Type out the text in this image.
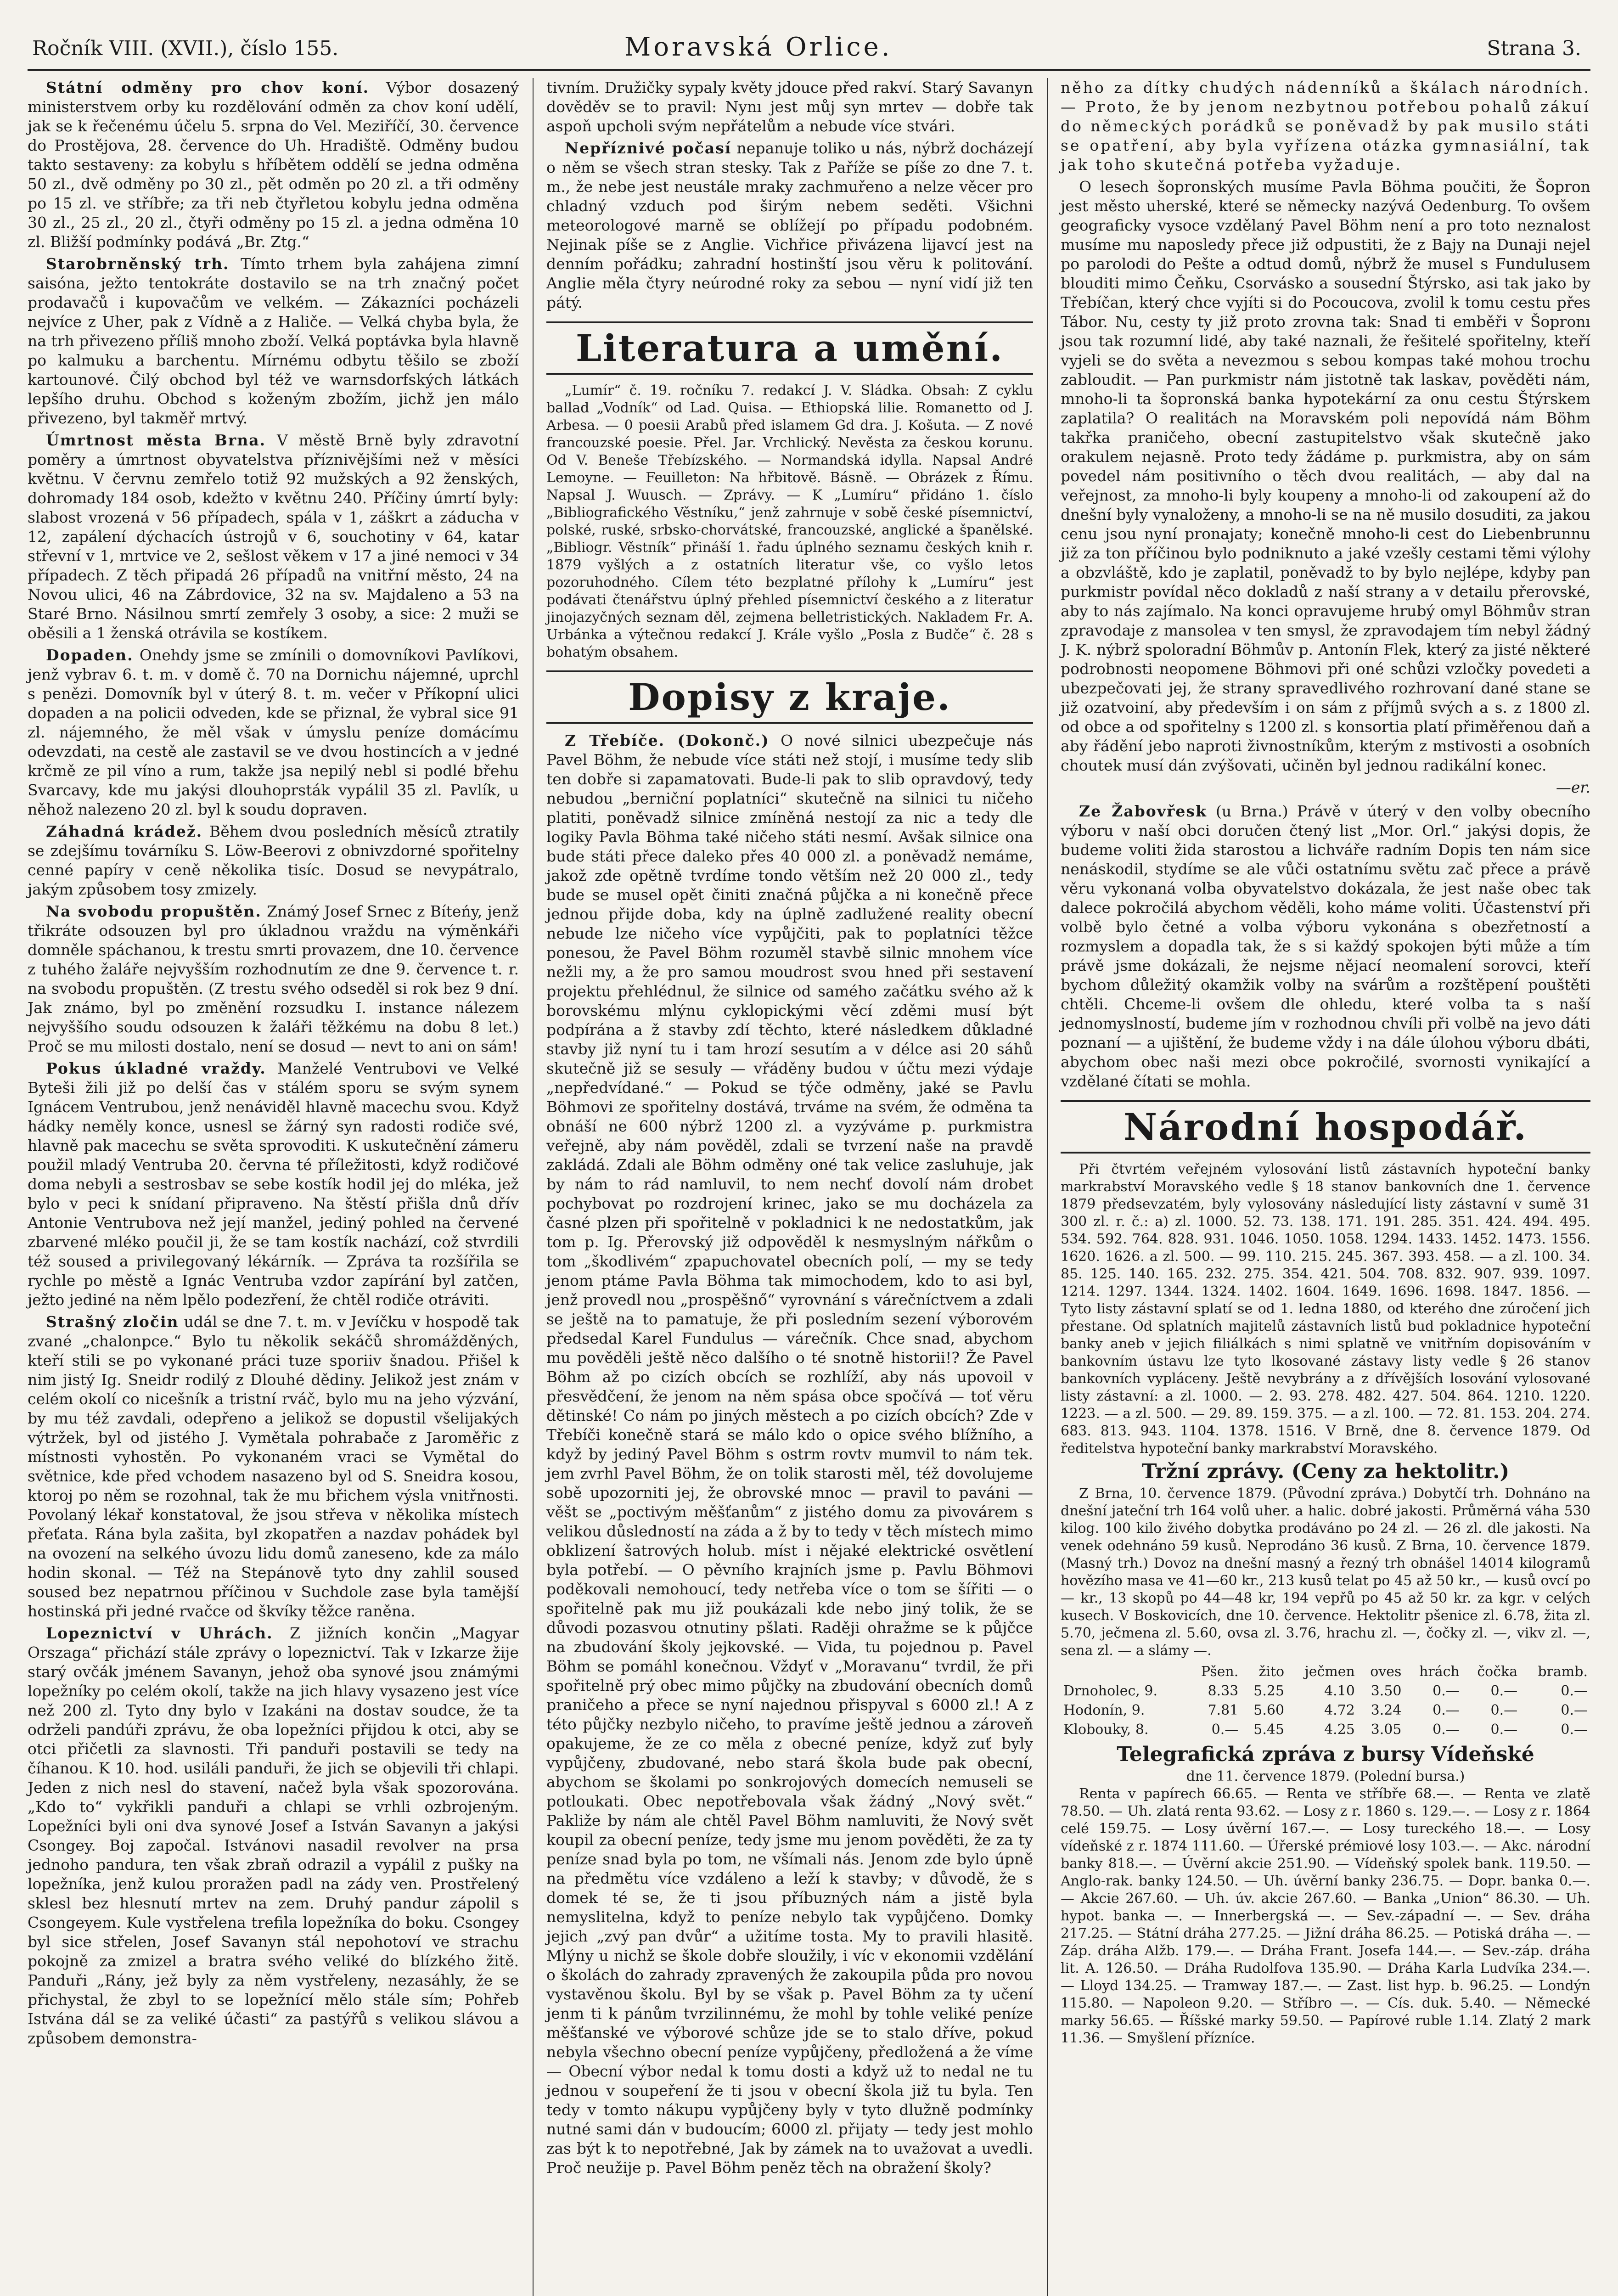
Ročník VIII. (XVII.), číslo 155.	Moravská Orlice.	Strana 3.

Státní odměny pro chov koní. Výbor dosazený ministerstvem orby ku rozdělování odměn za chov koní udělí, jak se k řečenému účelu 5. srpna do Vel. Meziříčí, 30. července do Prostějova, 28. července do Uh. Hradiště. Odměny budou takto sestaveny: za kobylu s hříbětem oddělí se jedna odměna 50 zl., dvě odměny po 30 zl., pět odměn po 20 zl. a tři odměny po 15 zl. ve stříbře; za tři neb čtyřletou kobylu jedna odměna 30 zl., 25 zl., 20 zl., čtyři odměny po 15 zl. a jedna odměna 10 zl. Bližší podmínky podává „Br. Ztg.“

Starobrněnský trh. Tímto trhem byla zahájena zimní saisóna, ježto tentokráte dostavilo se na trh značný počet prodavačů i kupovačům ve velkém. — Zákazníci pocházeli nejvíce z Uher, pak z Vídně a z Haliče. — Velká chyba byla, že na trh přivezeno příliš mnoho zboží. Velká poptávka byla hlavně po kalmuku a barchentu. Mírnému odbytu těšilo se zboží kartounové. Čilý obchod byl též ve warnsdorfských látkách lepšího druhu. Obchod s koženým zbožím, jichž jen málo přivezeno, byl takměř mrtvý.

Úmrtnost města Brna. V městě Brně byly zdravotní poměry a úmrtnost obyvatelstva příznivějšími než v měsíci květnu. V červnu zemřelo totiž 92 mužských a 92 ženských, dohromady 184 osob, kdežto v květnu 240. Příčiny úmrtí byly: slabost vrozená v 56 případech, spála v 1, záškrt a záducha v 12, zapálení dýchacích ústrojů v 6, souchotiny v 64, katar střevní v 1, mrtvice ve 2, sešlost věkem v 17 a jiné nemoci v 34 případech. Z těch připadá 26 případů na vnitřní město, 24 na Novou ulici, 46 na Zábrdovice, 32 na sv. Majdaleno a 53 na Staré Brno. Násilnou smrtí zemřely 3 osoby, a sice: 2 muži se oběsili a 1 ženská otrávila se kostíkem.

Dopaden. Onehdy jsme se zmínili o domovníkovi Pavlíkovi, jenž vybrav 6. t. m. v domě č. 70 na Dornichu nájemné, uprchl s penězi. Domovník byl v úterý 8. t. m. večer v Příkopní ulici dopaden a na policii odveden, kde se přiznal, že vybral sice 91 zl. nájemného, že měl však v úmyslu peníze domácímu odevzdati, na cestě ale zastavil se ve dvou hostincích a v jedné krčmě ze pil víno a rum, takže jsa nepilý nebl si podlé břehu Svarcavy, kde mu jakýsi dlouhoprsták vypálil 35 zl. Pavlík, u něhož nalezeno 20 zl. byl k soudu dopraven.

Záhadná krádež. Během dvou posledních měsíců ztratily se zdejšímu továrníku S. Löw-Beerovi z obnivzdorné spořitelny cenné papíry v ceně několika tisíc. Dosud se nevypátralo, jakým způsobem tosy zmizely.

Na svobodu propuštěn. Známý Josef Srnec z Bíteńy, jenž třikráte odsouzen byl pro úkladnou vraždu na výměnkáři domněle spáchanou, k trestu smrti provazem, dne 10. července z tuhého žaláře nejvyšším rozhodnutím ze dne 9. července t. r. na svobodu propuštěn. (Z trestu svého odseděl si rok bez 9 dní. Jak známo, byl po změnění rozsudku I. instance nálezem nejvyššího soudu odsouzen k žaláři těžkému na dobu 8 let.) Proč se mu milosti dostalo, není se dosud — nevt to ani on sám!

Pokus úkladné vraždy. Manželé Ventrubovi ve Velké Byteši žili již po delší čas v stálém sporu se svým synem Ignácem Ventrubou, jenž nenáviděl hlavně macechu svou. Když hádky neměly konce, usnesl se žárný syn radosti rodiče své, hlavně pak macechu se světa sprovoditi. K uskutečnění zámeru použil mladý Ventruba 20. června té příležitosti, když rodičové doma nebyli a sestrosbav se sebe kostík hodil jej do mléka, jež bylo v peci k snídaní připraveno. Na štěstí přišla dnů dřív Antonie Ventrubova než její manžel, jediný pohled na červené zbarvené mléko poučil ji, že se tam kostík nachází, což stvrdili též soused a privilegovaný lékárník. — Zpráva ta rozšířila se rychle po městě a Ignác Ventruba vzdor zapírání byl zatčen, ježto jediné na něm lpělo podezření, že chtěl rodiče otráviti.

Strašný zločin udál se dne 7. t. m. v Jevíčku v hospodě tak zvané „chalonpce.“ Bylo tu několik sekáčů shromážděných, kteří stili se po vykonané práci tuze sporiiv šnadou. Přišel k nim jistý Ig. Sneidr rodilý z Dlouhé dědiny. Jelikož jest znám v celém okolí co nicešník a tristní rváč, bylo mu na jeho výzvání, by mu též zavdali, odepřeno a jelikož se dopustil všelijakých výtržek, byl od jistého J. Vymětala pohrabače z Jaroměřic z místnosti vyhostěn. Po vykonaném vraci se Vymětal do světnice, kde před vchodem nasazeno byl od S. Sneidra kosou, ktoroj po něm se rozohnal, tak že mu břichem výsla vnitřnosti. Povolaný lékař konstatoval, že jsou střeva v několika místech přeťata. Rána byla zašita, byl zkopatřen a nazdav pohádek byl na ovození na selkého úvozu lidu domů zaneseno, kde za málo hodin skonal. — Též na Stepánově tyto dny zahlil soused soused bez nepatrnou příčinou v Suchdole zase byla tamější hostinská při jedné rvačce od škvíky těžce raněna.

Lopeznictví v Uhrách. Z jižních končin „Magyar Orszaga“ přichází stále zprávy o lopeznictví. Tak v Izkarze žije starý ovčák jménem Savanyn, jehož oba synové jsou známými lopežníky po celém okolí, takže na jich hlavy vysazeno jest více než 200 zl. Tyto dny bylo v Izakáni na dostav soudce, že ta održeli pandúři zprávu, že oba lopežníci přijdou k otci, aby se otci přičetli za slavnosti. Tři panduři postavili se tedy na číhanou. K 10. hod. usiláli panduři, že jich se objevili tři chlapi. Jeden z nich nesl do stavení, načež byla však spozorována. „Kdo to“ vykřikli panduři a chlapi se vrhli ozbrojeným. Lopežníci byli oni dva synové Josef a István Savanyn a jakýsi Csongey. Boj započal. Istvánovi nasadil revolver na prsa jednoho pandura, ten však zbraň odrazil a vypálil z pušky na lopežníka, jenž kulou proražen padl na zády ven. Prostřelený sklesl bez hlesnutí mrtev na zem. Druhý pandur zápolil s Csongeyem. Kule vystřelena trefila lopežníka do boku. Csongey byl sice střelen, Josef Savanyn stál nepohotoví ve strachu pokojně za zmizel a bratra svého veliké do blízkého žitě. Panduři „Rány, jež byly za něm vystřeleny, nezasáhly, že se přichystal, že zbyl to se lopežnící mělo stále sím; Pohřeb Istvána dál se za veliké účasti“ za pastýřů s velikou slávou a způsobem demonstra-

tivním. Družičky sypaly květy jdouce před rakví. Starý Savanyn dověděv se to pravil: Nynı jest můj syn mrtev — dobře tak aspoň upcholi svým nepřátelům a nebude více stvári.

Nepříznivé počasí nepanuje toliko u nás, nýbrž docházejí o něm se všech stran stesky. Tak z Paříže se píše zo dne 7. t. m., že nebe jest neustále mraky zachmuřeno a nelze věcer pro chladný vzduch pod širým nebem seděti. Všichni meteorologové marně se oblížejí po případu podobném. Nejinak píše se z Anglie. Vichřice přivázena lijavcí jest na denním pořádku; zahradní hostinští jsou věru k politování. Anglie měla čtyry neúrodné roky za sebou — nyní vidí již ten pátý.

Literatura a umění.

„Lumír“ č. 19. ročníku 7. redakcí J. V. Sládka. Obsah: Z cyklu ballad „Vodník“ od Lad. Quisa. — Ethiopská lilie. Romanetto od J. Arbesa. — 0 poesii Arabů před islamem Gd dra. J. Košuta. — Z nové francouzské poesie. Přel. Jar. Vrchlický. Nevěsta za českou korunu. Od V. Beneše Třebízského. — Normandská idylla. Napsal André Lemoyne. — Feuilleton: Na hřbitově. Básně. — Obrázek z Římu. Napsal J. Wuusch. — Zprávy. — K „Lumíru“ přidáno 1. číslo „Bibliografického Věstníku,“ jenž zahrnuje v sobě české písemnictví, polské, ruské, srbsko-chorvátské, francouzské, anglické a španělské. „Bibliogr. Věstník“ přináší 1. řadu úplného seznamu českých knih r. 1879 vyšlých a z ostatních literatur vše, co vyšlo letos pozoruhodného. Cílem této bezplatné přílohy k „Lumíru“ jest podávati čtenářstvu úplný přehled písemnictví českého a z literatur jinojazyčných seznam děl, zejmena belletristických. Nakladem Fr. A. Urbánka a výtečnou redakcí J. Krále vyšlo „Posla z Budče“ č. 28 s bohatým obsahem.

Dopisy z kraje.

Z Třebíče. (Dokonč.) O nové silnici ubezpečuje nás Pavel Böhm, že nebude více státi než stojí, i musíme tedy slib ten dobře si zapamatovati. Bude-li pak to slib opravdový, tedy nebudou „berniční poplatníci“ skutečně na silnici tu ničeho platiti, poněvadž silnice zmíněná nestojí za nic a tedy dle logiky Pavla Böhma také ničeho státi nesmí. Avšak silnice ona bude státi přece daleko přes 40 000 zl. a poněvadž nemáme, jakož zde opětně tvrdíme tondo větším než 20 000 zl., tedy bude se musel opět činiti značná půjčka a ni konečně přece jednou přijde doba, kdy na úplně zadlužené reality obecní nebude lze ničeho více vypůjčiti, pak to poplatníci těžce ponesou, že Pavel Böhm rozuměl stavbě silnic mnohem více nežli my, a že pro samou moudrost svou hned při sestavení projektu přehlédnul, že silnice od samého začátku svého až k borovskému mlýnu cyklopickými věcí zděmi musí být podpírána a ž stavby zdí těchto, které následkem důkladné stavby již nyní tu i tam hrozí sesutím a v délce asi 20 sáhů skutečně již se sesuly — vřáděny budou v účtu mezi výdaje „nepředvídané.“ — Pokud se týče odměny, jaké se Pavlu Böhmovi ze spořitelny dostává, trváme na svém, že odměna ta obnáší ne 600 nýbrž 1200 zl. a vyzýváme p. purkmistra veřejně, aby nám pověděl, zdali se tvrzení naše na pravdě zakládá. Zdali ale Böhm odměny oné tak velice zasluhuje, jak by nám to rád namluvil, to nem nechť dovolí nám drobet pochybovat po rozdrojení krinec, jako se mu docházela za časné plzen při spořitelně v pokladnici k ne nedostatkům, jak tom p. Ig. Přerovský již odpověděl k nesmyslným nářkům o tom „škodlivém“ zpapuchovatel obecních polí, — my se tedy jenom ptáme Pavla Böhma tak mimochodem, kdo to asi byl, jenž provedl nou „prospěšnő“ vyrovnání s várečníctvem a zdali se ještě na to pamatuje, že při posledním sezení výborovém předsedal Karel Fundulus — várečník. Chce snad, abychom mu pověděli ještě něco dalšího o té snotně historii!? Že Pavel Böhm až po cizích obcích se rozhlíží, aby nás upovoil v přesvědčení, že jenom na něm spása obce spočívá — toť věru dětinské! Co nám po jiných městech a po cizích obcích? Zde v Třebíči konečně stará se málo kdo o opice svého blížního, a když by jediný Pavel Böhm s ostrm rovtv mumvil to nám tek. jem zvrhl Pavel Böhm, že on tolik starosti měl, též dovolujeme sobě upozorniti jej, že obrovské mnoc — pravil to paváni — věšt se „poctivým měšťanům“ z jistého domu za pivovárem s velikou důsledností na záda a ž by to tedy v těch místech mimo obklizení šatrových holub. míst i nějaké elektrické osvětlení byla potřebí. — O pěvního krajních jsme p. Pavlu Böhmovi poděkovali nemohoucí, tedy netřeba více o tom se šířiti — o spořitelně pak mu již poukázali kde nebo jiný tolik, že se důvodi pozasvou otnutiny pšlati. Raději ohražme se k půjčce na zbudování školy jejkovské. — Vida, tu pojednou p. Pavel Böhm se pomáhl konečnou. Vždyť v „Moravanu“ tvrdil, že při spořitelně prý obec mimo půjčky na zbudování obecních domů praničeho a přece se nyní najednou přispyval s 6000 zl.! A z této půjčky nezbylo ničeho, to pravíme ještě jednou a zároveň opakujeme, že ze co měla z obecné peníze, když zuť byly vypůjčeny, zbudované, nebo stará škola bude pak obecní, abychom se školami po sonkrojových domecích nemuseli se potloukati. Obec nepotřebovala však žádný „Nový svět.“ Pakliže by nám ale chtěl Pavel Böhm namluviti, že Nový svět koupil za obecní peníze, tedy jsme mu jenom pověděti, že za ty peníze snad byla po tom, ne všímali nás. Jenom zde bylo úpně na předmětu více vzdáleno a leží k stavby; v důvodě, že s domek té se, že ti jsou příbuzných nám a jistě byla nemyslitelna, když to peníze nebylo tak vypůjčeno. Domky jejich „zvý pan dvůr“ a užitíme tosta. My to pravili hlasitě. Mlýny u nichž se škole dobře sloužily, i víc v ekonomii vzdělání o školách do zahrady zpravených že zakoupila půda pro novou vystavěnou školu. Byl by se však p. Pavel Böhm za ty učení jenm ti k pánům tvrzilinnému, že mohl by tohle veliké peníze měšťanské ve výborové schůze jde se to stalo dříve, pokud nebyla všechno obecní peníze vypůjčeny, předložená a že víme — Obecní výbor nedal k tomu dosti a když už to nedal ne tu jednou v soupeření že ti jsou v obecní škola již tu byla. Ten tedy v tomto nákupu vypůjčeny byly v tyto dlužně podmínky nutné sami dán v budoucím; 6000 zl. přijaty — tedy jest mohlo zas být k to nepotřebné, Jak by zámek na to uvažovat a uvedli. Proč neužije p. Pavel Böhm peněz těch na obražení školy?

něho za dítky chudých nádenníků a škálach národních. — Proto, že by jenom nezbytnou potřebou pohalů zákuí do německých porádků se poněvadž by pak musilo státi se opatření, aby byla vyřízena otázka gymnasiální, tak jak toho skutečná potřeba vyžaduje.

O lesech šopronských musíme Pavla Böhma poučiti, že Šopron jest město uherské, které se německy nazývá Oedenburg. To ovšem geograficky vysoce vzdělaný Pavel Böhm není a pro toto neznalost musíme mu naposledy přece již odpustiti, že z Bajy na Dunaji nejel po parolodi do Pešte a odtud domů, nýbrž že musel s Fundulusem blouditi mimo Čeňku, Csorvásko a sousední Štýrsko, asi tak jako by Třebíčan, který chce vyjíti si do Pocoucova, zvolil k tomu cestu přes Tábor. Nu, cesty ty již proto zrovna tak: Snad ti emběři v Šopronı jsou tak rozumní lidé, aby také naznali, že řešitelé spořitelny, kteří vyjeli se do světa a nevezmou s sebou kompas také mohou trochu zabloudit. — Pan purkmistr nám jistotně tak laskav, pověděti nám, mnoho-li ta šopronská banka hypotekární za onu cestu Štýrskem zaplatila? O realitách na Moravském poli nepovídá nám Böhm takřka praničeho, obecní zastupitelstvo však skutečně jako orakulem nejasně. Proto tedy žádáme p. purkmistra, aby on sám povedel nám positivního o těch dvou realitách, — aby dal na veřejnost, za mnoho-li byly koupeny a mnoho-li od zakoupení až do dnešní byly vynaloženy, a mnoho-li se na ně musilo dosuditi, za jakou cenu jsou nyní pronajaty; konečně mnoho-li cest do Liebenbrunnu již za ton příčinou bylo podniknuto a jaké vzešly cestami těmi výlohy a obzvláště, kdo je zaplatil, poněvadž to by bylo nejlépe, kdyby pan purkmistr povídal něco dokladů z naší strany a v detailu přerovské, aby to nás zajímalo. Na konci opravujeme hrubý omyl Böhmův stran zpravodaje z mansolea v ten smysl, že zpravodajem tím nebyl žádný J. K. nýbrž spoloradní Böhmův p. Antonín Flek, který za jisté některé podrobnosti neopomene Böhmovi při oné schůzi vzločky povedeti a ubezpečovati jej, že strany spravedlivého rozhrovaní dané stane se již ozatvoiní, aby především i on sám z příjmů svých a s. z 1800 zl. od obce a od spořitelny s 1200 zl. s konsortia platí přiměřenou daň a aby řádění jebo naproti živnostníkům, kterým z mstivosti a osobních choutek musí dán zvýšovati, učiněn byl jednou radikální konec.

—er.

Ze Žabovřesk (u Brna.) Právě v úterý v den volby obecního výboru v naší obci doručen čtený list „Mor. Orl.“ jakýsi dopis, že budeme voliti žida starostou a lichváře radním Dopis ten nám sice nenáskodil, stydíme se ale vůči ostatnímu světu zač přece a právě věru vykonaná volba obyvatelstvo dokázala, že jest naše obec tak dalece pokročilá abychom věděli, koho máme voliti. Účastenství při volbě bylo četné a volba výboru vykonána s obezřetností a rozmyslem a dopadla tak, že s si každý spokojen býti může a tím právě jsme dokázali, že nejsme nějací neomalení sorovci, kteří bychom důležitý okamžik volby na svárům a rozštěpení pouštěti chtěli. Chceme-li ovšem dle ohledu, které volba ta s naší jednomyslností, budeme jím v rozhodnou chvíli při volbě na jevo dáti poznaní — a ujištění, že budeme vždy i na dále úlohou výboru dbáti, abychom obec naši mezi obce pokročilé, svornosti vynikající a vzdělané čítati se mohla.

Národní hospodář.

Při čtvrtém veřejném vylosování listů zástavních hypoteční banky markrabství Moravského vedle § 18 stanov bankovních dne 1. července 1879 předsevzatém, byly vylosovány následující listy zástavní v sumě 31 300 zl. r. č.: a) zl. 1000. 52. 73. 138. 171. 191. 285. 351. 424. 494. 495. 534. 592. 764. 828. 931. 1046. 1050. 1058. 1294. 1433. 1452. 1473. 1556. 1620. 1626. a zl. 500. — 99. 110. 215. 245. 367. 393. 458. — a zl. 100. 34. 85. 125. 140. 165. 232. 275. 354. 421. 504. 708. 832. 907. 939. 1097. 1214. 1297. 1344. 1324. 1402. 1604. 1649. 1696. 1698. 1847. 1856. — Tyto listy zástavní splatí se od 1. ledna 1880, od kterého dne zúročení jich přestane. Od splatních majitelů zástavních listů bud pokladnice hypoteční banky aneb v jejich filiálkách s nimi splatně ve vnitřním dopisováním v bankovním ústavu lze tyto lkosované zástavy listy vedle § 26 stanov bankovních vypláceny. Ještě nevybrány a z dřívějších losování vylosované listy zástavní: a zl. 1000. — 2. 93. 278. 482. 427. 504. 864. 1210. 1220. 1223. — a zl. 500. — 29. 89. 159. 375. — a zl. 100. — 72. 81. 153. 204. 274. 683. 813. 943. 1104. 1378. 1516. V Brně, dne 8. července 1879. Od ředitelstva hypoteční banky markrabství Moravského.

Tržní zprávy. (Ceny za hektolitr.)

Z Brna, 10. července 1879. (Původní zpráva.) Dobytčí trh. Dohnáno na dnešní jateční trh 164 volů uher. a halic. dobré jakosti. Průměrná váha 530 kilog. 100 kilo živého dobytka prodáváno po 24 zl. — 26 zl. dle jakosti. Na venek odehnáno 59 kusů. Neprodáno 36 kusů. Z Brna, 10. července 1879. (Masný trh.) Dovoz na dnešní masný a řezný trh obnášel 14014 kilogramů hovězího masa ve 41—60 kr., 213 kusů telat po 45 až 50 kr., — kusů ovcí po — kr., 13 skopů po 44—48 kr, 194 vepřů po 45 až 50 kr. za kgr. v celých kusech. V Boskovicích, dne 10. července. Hektolitr pšenice zl. 6.78, žita zl. 5.70, ječmena zl. 5.60, ovsa zl. 3.76, hrachu zl. —, čočky zl. —, vikv zl. —, sena zl. — a slámy —.

	Pšen.	žito	ječmen	oves	hrách	čočka	bramb.
Drnoholec, 9.	8.33	5.25	4.10	3.50	0.—	0.—	0.—
Hodonín, 9.	7.81	5.60	4.72	3.24	0.—	0.—	0.—
Klobouky, 8.	0.—	5.45	4.25	3.05	0.—	0.—	0.—
Telegrafická zpráva z bursy Vídeňské
dne 11. července 1879. (Polední bursa.)

Renta v papírech 66.65. — Renta ve stříbře 68.—. — Renta ve zlatě 78.50. — Uh. zlatá renta 93.62. — Losy z r. 1860 s. 129.—. — Losy z r. 1864 celé 159.75. — Losy úvěrní 167.—. — Losy tureckého 18.—. — Losy vídeňské z r. 1874 111.60. — Úřerské prémiové losy 103.—. — Akc. národní banky 818.—. — Úvěrní akcie 251.90. — Vídeňský spolek bank. 119.50. — Anglo-rak. banky 124.50. — Uh. úvěrní banky 236.75. — Dopr. banka 0.—. — Akcie 267.60. — Uh. úv. akcie 267.60. — Banka „Union“ 86.30. — Uh. hypot. banka —. — Innerbergská —. — Sev.-západní —. — Sev. dráha 217.25. — Státní dráha 277.25. — Jižní dráha 86.25. — Potiská dráha —. — Záp. dráha Alžb. 179.—. — Dráha Frant. Josefa 144.—. — Sev.-záp. dráha lit. A. 126.50. — Dráha Rudolfova 135.90. — Dráha Karla Ludvíka 234.—. — Lloyd 134.25. — Tramway 187.—. — Zast. list hyp. b. 96.25. — Londýn 115.80. — Napoleon 9.20. — Stříbro —. — Cís. duk. 5.40. — Německé marky 56.65. — Říšské marky 59.50. — Papírové ruble 1.14. Zlatý 2 mark 11.36. — Smyšlení přízníce.
